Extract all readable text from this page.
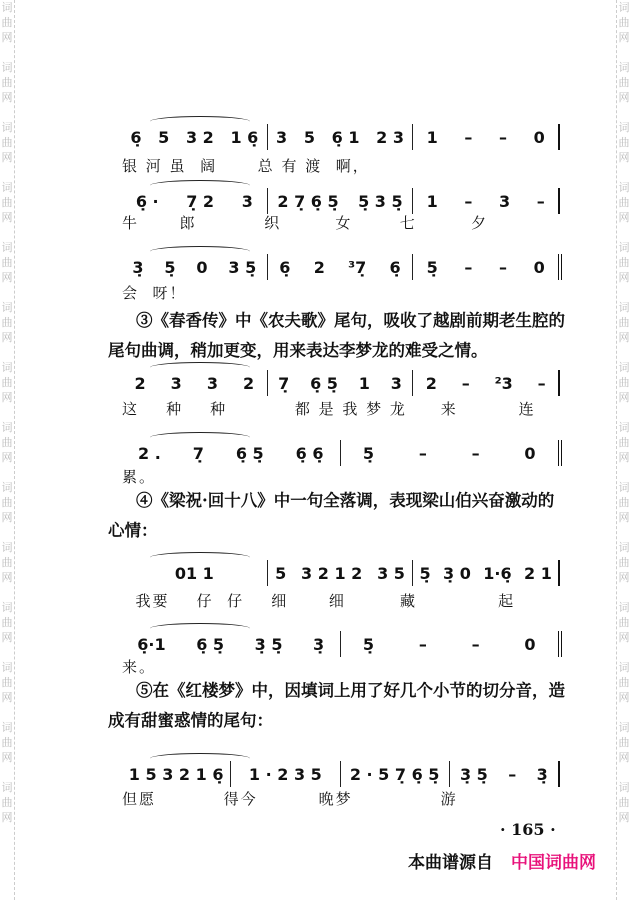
词
曲
网
词
曲
网
词
曲
网
词
曲
网
词
曲
网
词
曲
网
词
曲
网
词
曲
网
词
曲
网
词
曲
网
词
曲
网
词
曲
网
词
曲
网
词
曲
网
词
曲
网
词
曲
网
词
曲
网
词
曲
网
词
曲
网
词
曲
网
词
曲
网
词
曲
网
词
曲
网
词
曲
网
词
曲
网
词
曲
网
词
曲
网
词
曲
网
6̣ 5 3 2 1 6̣ 3 5 6̣ 1 2 3 1 – – 0
银 河 虽  阔      总 有 渡  啊，
6̣ · 7̣ 2 3 2 7̣ 6̣ 5̣ 5̣ 3 5̣ 1 – 3 –
牛      郎          织        女       七        夕
3̣ 5̣ 0 3 5̣ 6̣ 2 ³7̣ 6̣ 5̣ – – 0
会  呀！
2 3 3 2 7̣ 6̣ 5̣ 1 3 2 – ²3 –
这    种    种          都 是 我 梦 龙     来         连
2 . 7̣ 6̣ 5̣ 6̣ 6̣ 5̣	–	–	0
累。
01 1	5 3 2 1 2 3 5 5̣ 3̣ 0 1·6̣ 2 1
我要    仔  仔    细      细        藏            起
6̣·1 6̣ 5̣ 3̣ 5̣ 3̣ 5̣	–	–	0
来。
1 5 3 2 1 6̣ 1 · 2 3 5 2 · 5 7̣ 6̣ 5̣ 3̣ 5̣ – 3̣
但愿          得今         晚梦             游
③《春香传》中《农夫歌》尾句，吸收了越剧前期老生腔的尾句曲调，稍加更变，用来表达李梦龙的难受之情。
④《梁祝·回十八》中一句全落调，表现梁山伯兴奋激动的心情：
⑤在《红楼梦》中，因填词上用了好几个小节的切分音，造成有甜蜜惑情的尾句：
· 165 ·
本曲谱源自 中国词曲网
